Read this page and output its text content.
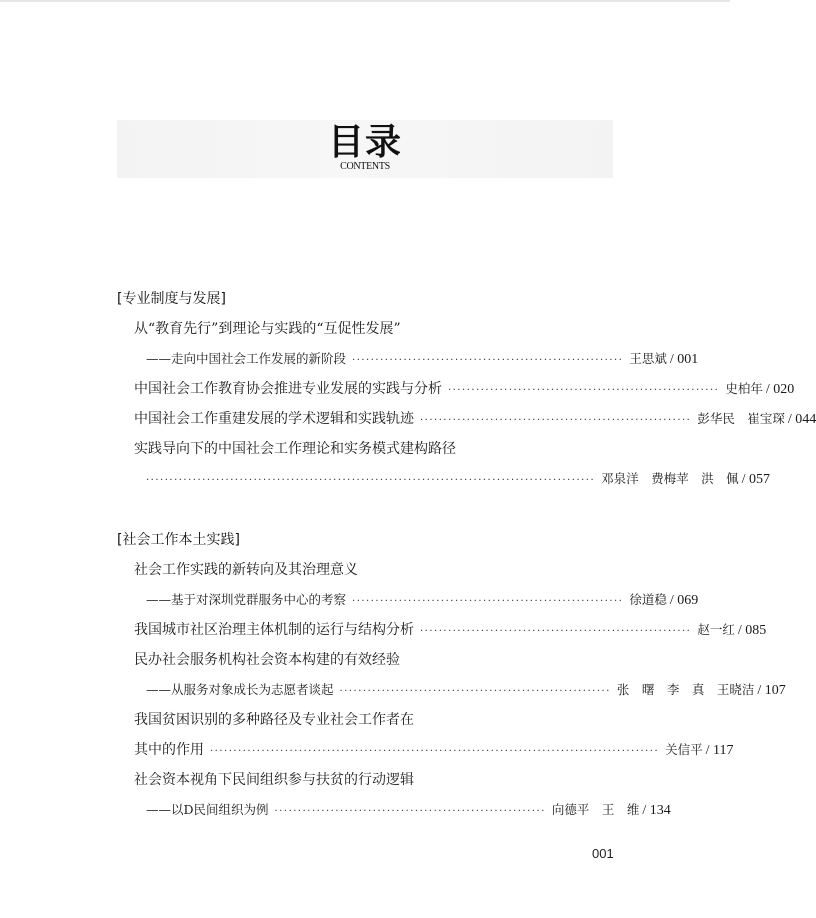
目录
CONTENTS
[专业制度与发展]
从“教育先行”到理论与实践的“互促性发展”
——走向中国社会工作发展的新阶段 ·························································· 王思斌 / 001
中国社会工作教育协会推进专业发展的实践与分析 ·························································· 史柏年 / 020
中国社会工作重建发展的学术逻辑和实践轨迹 ·························································· 彭华民　崔宝琛 / 044
实践导向下的中国社会工作理论和实务模式建构路径
································································································ 邓泉洋　费梅苹　洪　佩 / 057
[社会工作本土实践]
社会工作实践的新转向及其治理意义
——基于对深圳党群服务中心的考察 ·························································· 徐道稳 / 069
我国城市社区治理主体机制的运行与结构分析 ·························································· 赵一红 / 085
民办社会服务机构社会资本构建的有效经验
——从服务对象成长为志愿者谈起 ·························································· 张　曙　李　真　王晓洁 / 107
我国贫困识别的多种路径及专业社会工作者在
其中的作用 ································································································ 关信平 / 117
社会资本视角下民间组织参与扶贫的行动逻辑
——以D民间组织为例 ·························································· 向德平　王　维 / 134
001
